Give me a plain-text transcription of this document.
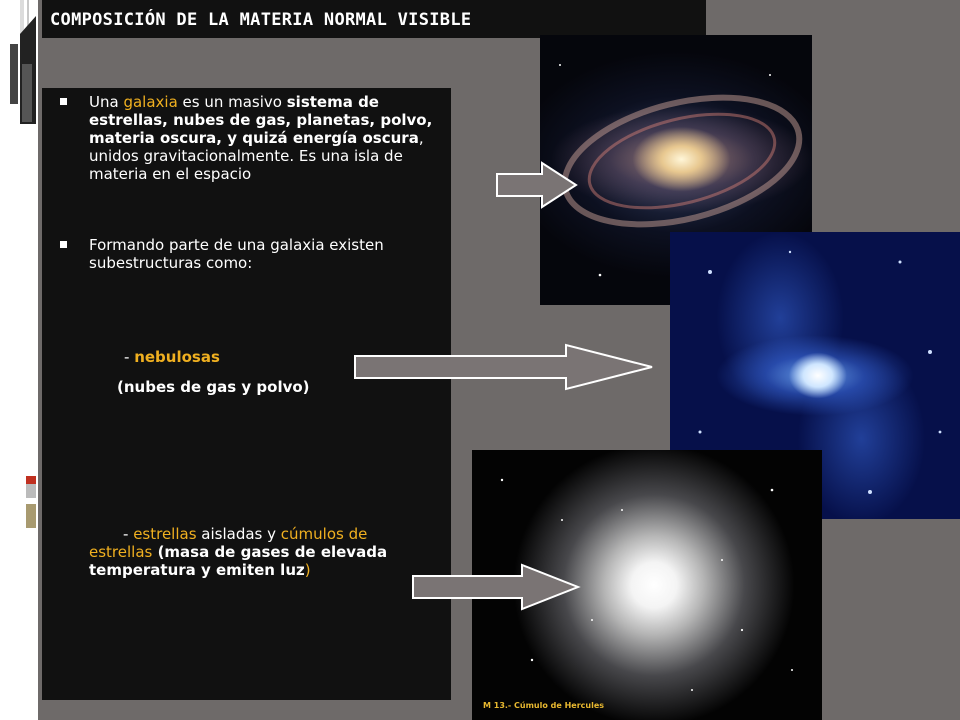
COMPOSICIÓN DE LA MATERIA NORMAL VISIBLE
M 13.- Cúmulo de Hercules
Una galaxia es un masivo sistema de estrellas, nubes de gas, planetas, polvo, materia oscura, y quizá energía oscura, unidos gravitacionalmente. Es una isla de materia en el espacio
Formando parte de una galaxia existen subestructuras como:
- nebulosas
(nubes de gas y polvo)
- estrellas aisladas y cúmulos de estrellas (masa de gases de elevada temperatura y emiten luz)
